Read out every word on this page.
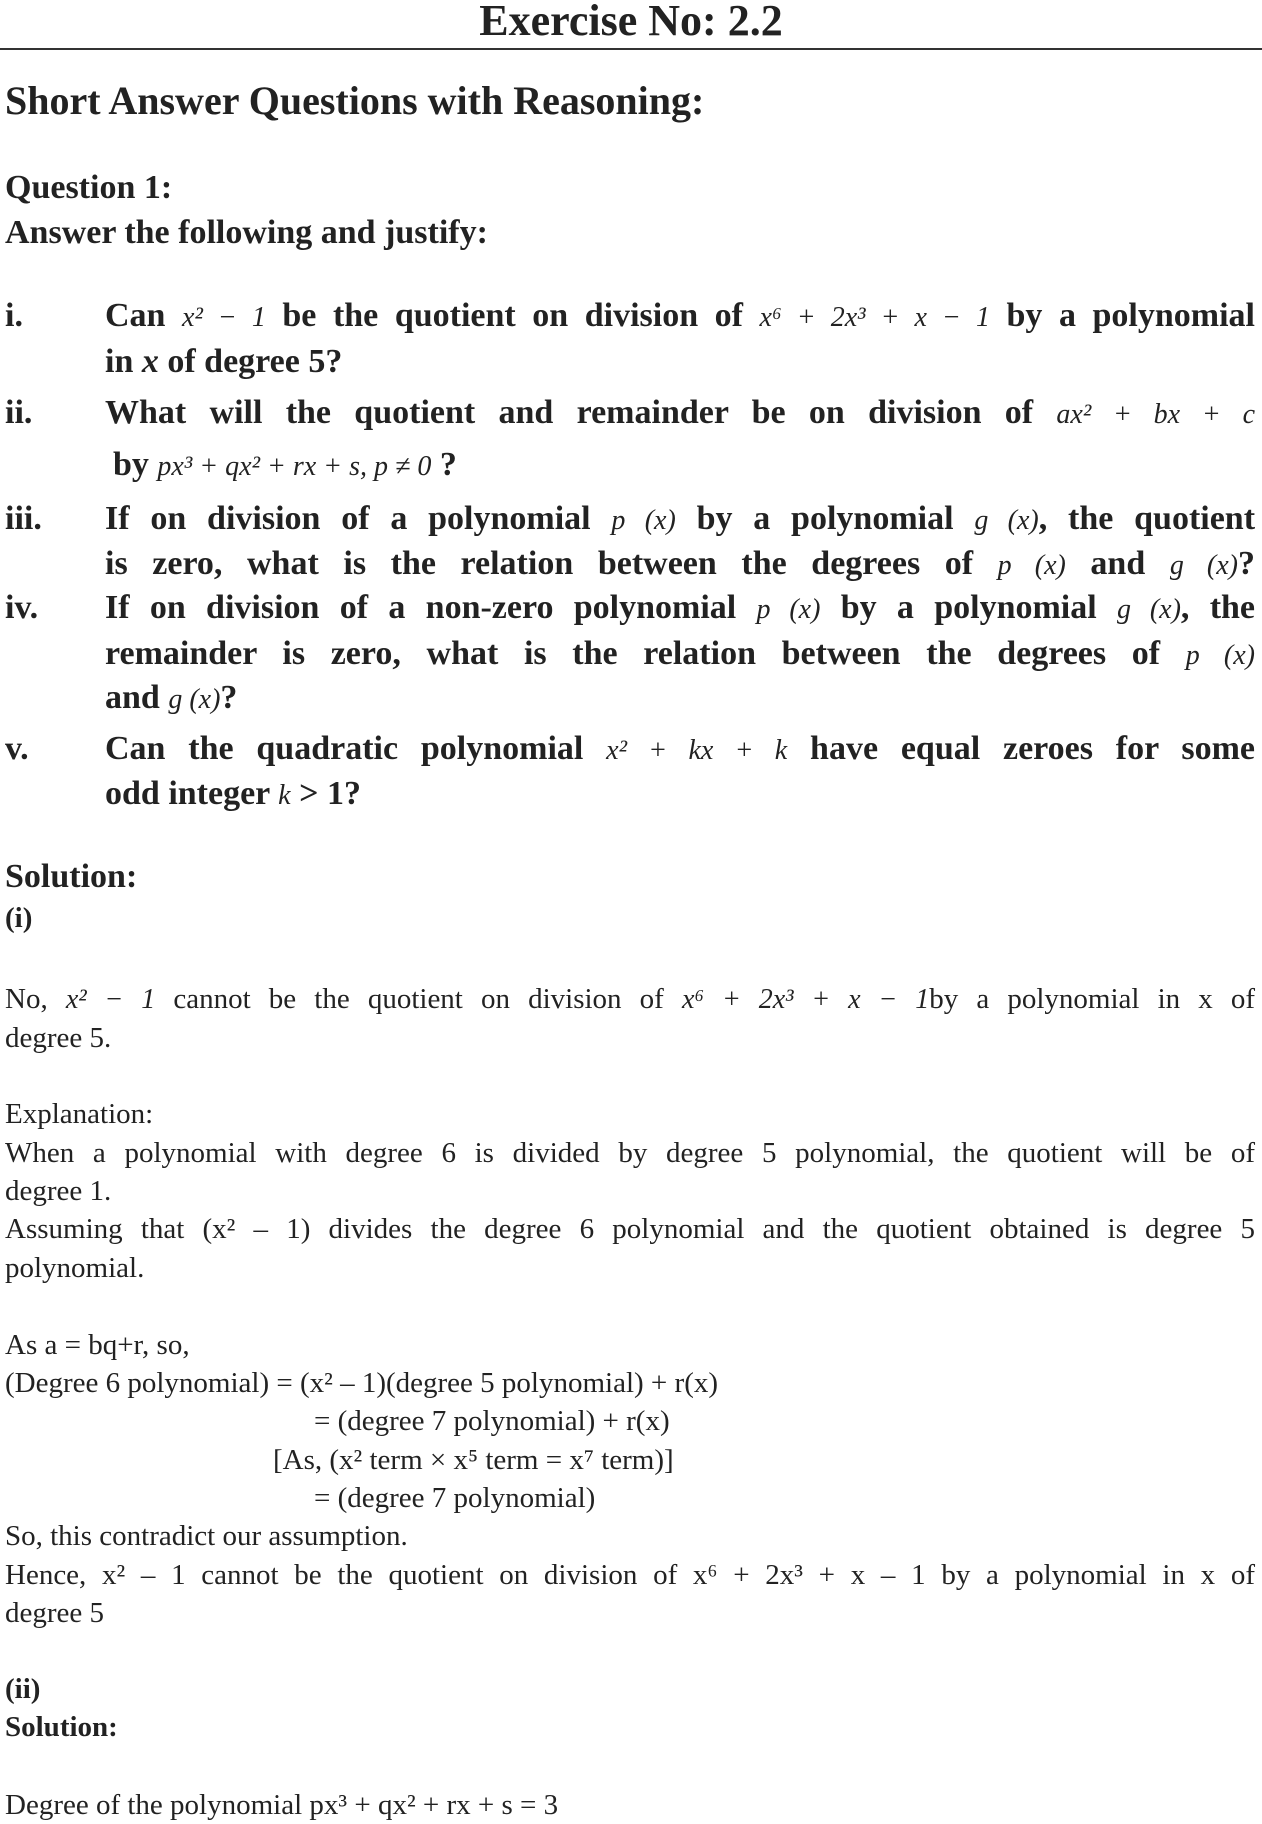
Exercise No: 2.2
Short Answer Questions with Reasoning:
Question 1:
Answer the following and justify:
i. Can x² − 1 be the quotient on division of x⁶ + 2x³ + x − 1 by a polynomial
in x of degree 5?
ii. What will the quotient and remainder be on division of ax² + bx + c
by px³ + qx² + rx + s, p ≠ 0 ?
iii. If on division of a polynomial p (x) by a polynomial g (x), the quotient
is zero, what is the relation between the degrees of p (x) and g (x)?
iv. If on division of a non-zero polynomial p (x) by a polynomial g (x), the
remainder is zero, what is the relation between the degrees of p (x)
and g (x)?
v. Can the quadratic polynomial x² + kx + k have equal zeroes for some
odd integer k > 1?
Solution:
(i)
No, x² − 1 cannot be the quotient on division of x⁶ + 2x³ + x − 1by a polynomial in x of
degree 5.
Explanation:
When a polynomial with degree 6 is divided by degree 5 polynomial, the quotient will be of
degree 1.
Assuming that (x² – 1) divides the degree 6 polynomial and the quotient obtained is degree 5
polynomial.
As a = bq+r, so,
(Degree 6 polynomial) = (x² – 1)(degree 5 polynomial) + r(x)
= (degree 7 polynomial) + r(x)
[As, (x² term × x⁵ term = x⁷ term)]
= (degree 7 polynomial)
So, this contradict our assumption.
Hence, x² – 1 cannot be the quotient on division of x⁶ + 2x³ + x – 1 by a polynomial in x of
degree 5
(ii)
Solution:
Degree of the polynomial px³ + qx² + rx + s = 3
